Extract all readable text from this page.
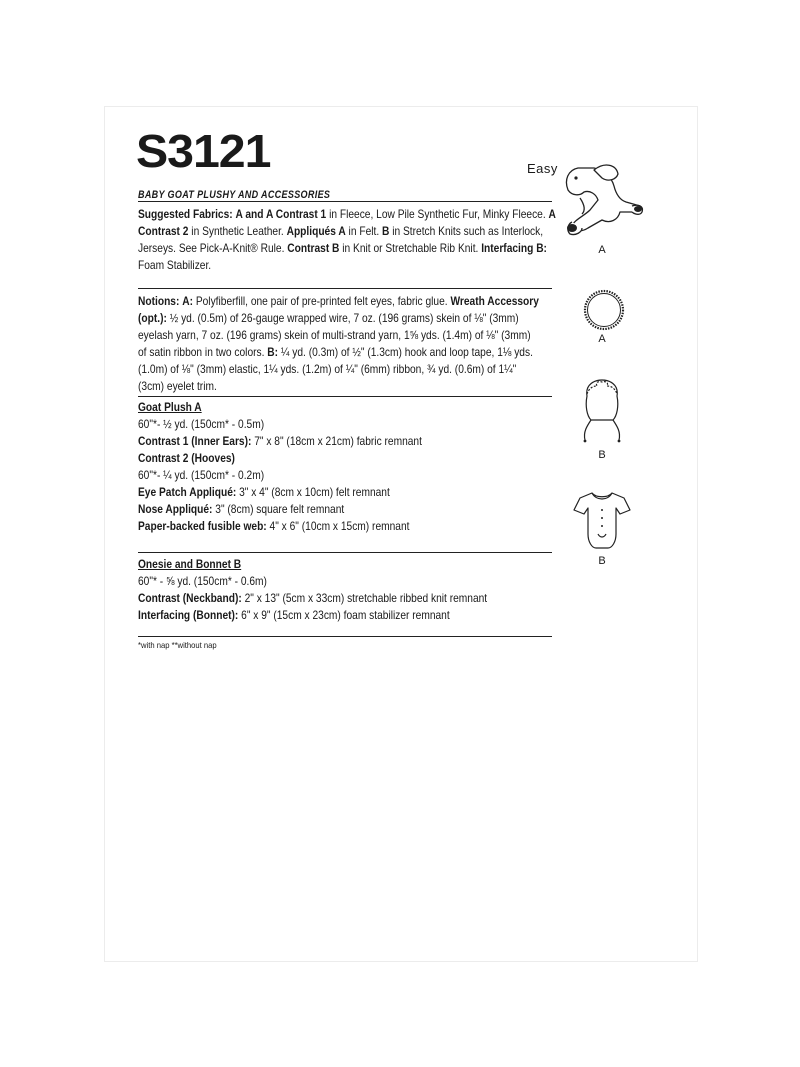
S3121	Easy
BABY GOAT PLUSHY AND ACCESSORIES

Suggested Fabrics: A and A Contrast 1 in Fleece, Low Pile Synthetic Fur, Minky Fleece. A

Contrast 2 in Synthetic Leather. Appliqués A in Felt. B in Stretch Knits such as Interlock,

Jerseys. See Pick-A-Knit® Rule. Contrast B in Knit or Stretchable Rib Knit. Interfacing B:

Foam Stabilizer.

Notions: A: Polyfiberfill, one pair of pre-printed felt eyes, fabric glue. Wreath Accessory

(opt.): ½ yd. (0.5m) of 26-gauge wrapped wire, 7 oz. (196 grams) skein of ⅛" (3mm)

eyelash yarn, 7 oz. (196 grams) skein of multi-strand yarn, 1⅝ yds. (1.4m) of ⅛" (3mm)

of satin ribbon in two colors. B: ¼ yd. (0.3m) of ½" (1.3cm) hook and loop tape, 1⅛ yds.

(1.0m) of ⅛" (3mm) elastic, 1¼ yds. (1.2m) of ¼" (6mm) ribbon, ¾ yd. (0.6m) of 1¼"

(3cm) eyelet trim.

Goat Plush A

60"*- ½ yd. (150cm* - 0.5m)

Contrast 1 (Inner Ears): 7" x 8" (18cm x 21cm) fabric remnant

Contrast 2 (Hooves)

60"*- ¼ yd. (150cm* - 0.2m)

Eye Patch Appliqué: 3" x 4" (8cm x 10cm) felt remnant

Nose Appliqué: 3" (8cm) square felt remnant

Paper-backed fusible web: 4" x 6" (10cm x 15cm) remnant

Onesie and Bonnet B

60"* - ⅝ yd. (150cm* - 0.6m)

Contrast (Neckband): 2" x 13" (5cm x 33cm) stretchable ribbed knit remnant

Interfacing (Bonnet): 6" x 9" (15cm x 23cm) foam stabilizer remnant

*with nap **without nap
A
A
B
B
